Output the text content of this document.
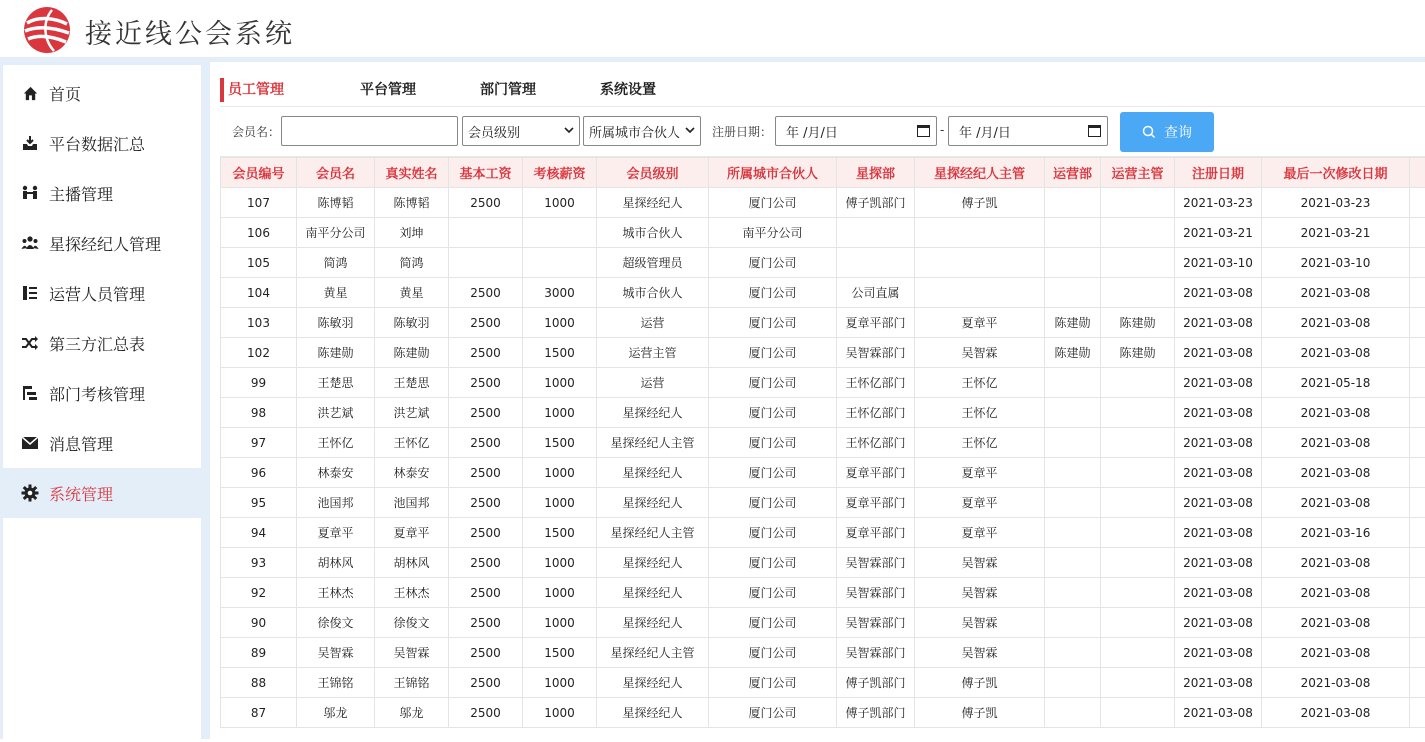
接近线公会系统
首页
平台数据汇总
主播管理
星探经纪人管理
运营人员管理
第三方汇总表
部门考核管理
消息管理
系统管理
员工管理	平台管理	部门管理	系统设置
会员名：	会员级别	所属城市合伙人	注册日期： 年 /月/日	- 年 /月/日	查询
会员编号	会员名	真实姓名	基本工资	考核薪资	会员级别	所属城市合伙人	星探部	星探经纪人主管	运营部	运营主管	注册日期	最后一次修改日期	
107	陈博韬	陈博韬	2500	1000	星探经纪人	厦门公司	傅子凯部门	傅子凯			2021-03-23	2021-03-23	
106	南平分公司	刘坤			城市合伙人	南平分公司					2021-03-21	2021-03-21	
105	简鸿	简鸿			超级管理员	厦门公司					2021-03-10	2021-03-10	
104	黄星	黄星	2500	3000	城市合伙人	厦门公司	公司直属				2021-03-08	2021-03-08	
103	陈敏羽	陈敏羽	2500	1000	运营	厦门公司	夏章平部门	夏章平	陈建勋	陈建勋	2021-03-08	2021-03-08	
102	陈建勋	陈建勋	2500	1500	运营主管	厦门公司	吴智霖部门	吴智霖	陈建勋	陈建勋	2021-03-08	2021-03-08	
99	王楚思	王楚思	2500	1000	运营	厦门公司	王怀亿部门	王怀亿			2021-03-08	2021-05-18	
98	洪艺斌	洪艺斌	2500	1000	星探经纪人	厦门公司	王怀亿部门	王怀亿			2021-03-08	2021-03-08	
97	王怀亿	王怀亿	2500	1500	星探经纪人主管	厦门公司	王怀亿部门	王怀亿			2021-03-08	2021-03-08	
96	林泰安	林泰安	2500	1000	星探经纪人	厦门公司	夏章平部门	夏章平			2021-03-08	2021-03-08	
95	池国邦	池国邦	2500	1000	星探经纪人	厦门公司	夏章平部门	夏章平			2021-03-08	2021-03-08	
94	夏章平	夏章平	2500	1500	星探经纪人主管	厦门公司	夏章平部门	夏章平			2021-03-08	2021-03-16	
93	胡林风	胡林风	2500	1000	星探经纪人	厦门公司	吴智霖部门	吴智霖			2021-03-08	2021-03-08	
92	王林杰	王林杰	2500	1000	星探经纪人	厦门公司	吴智霖部门	吴智霖			2021-03-08	2021-03-08	
90	徐俊文	徐俊文	2500	1000	星探经纪人	厦门公司	吴智霖部门	吴智霖			2021-03-08	2021-03-08	
89	吴智霖	吴智霖	2500	1500	星探经纪人主管	厦门公司	吴智霖部门	吴智霖			2021-03-08	2021-03-08	
88	王锦铭	王锦铭	2500	1000	星探经纪人	厦门公司	傅子凯部门	傅子凯			2021-03-08	2021-03-08	
87	邬龙	邬龙	2500	1000	星探经纪人	厦门公司	傅子凯部门	傅子凯			2021-03-08	2021-03-08	
